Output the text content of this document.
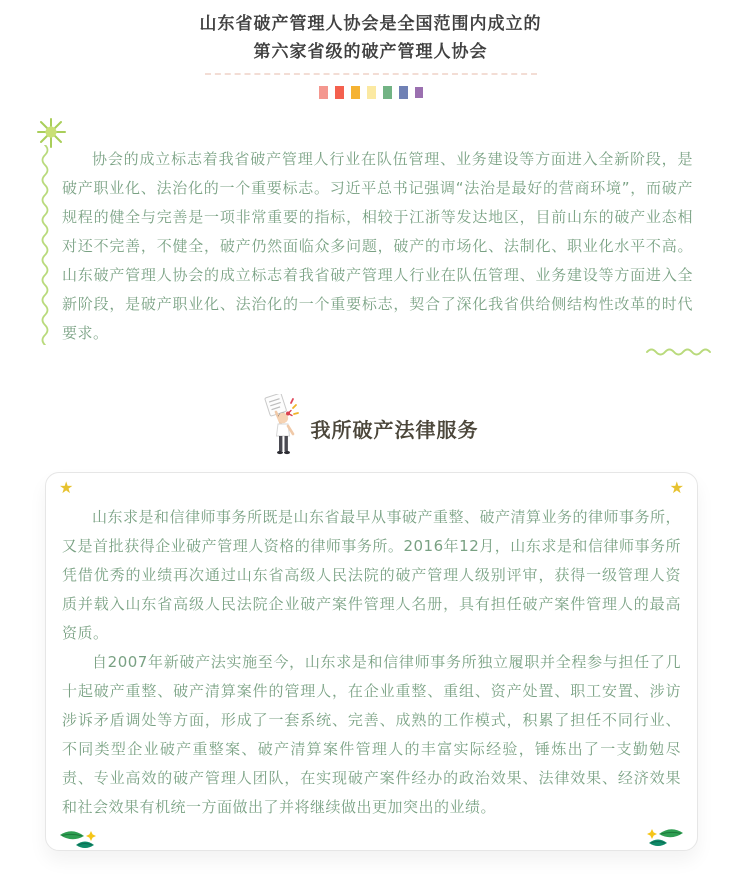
山东省破产管理人协会是全国范围内成立的
第六家省级的破产管理人协会

协会的成立标志着我省破产管理人行业在队伍管理、业务建设等方面进入全新阶段，是破产职业化、法治化的一个重要标志。习近平总书记强调“法治是最好的营商环境”，而破产规程的健全与完善是一项非常重要的指标，相较于江浙等发达地区，目前山东的破产业态相对还不完善，不健全，破产仍然面临众多问题，破产的市场化、法制化、职业化水平不高。山东破产管理人协会的成立标志着我省破产管理人行业在队伍管理、业务建设等方面进入全新阶段，是破产职业化、法治化的一个重要标志，契合了深化我省供给侧结构性改革的时代要求。

我所破产法律服务
★	★

山东求是和信律师事务所既是山东省最早从事破产重整、破产清算业务的律师事务所，又是首批获得企业破产管理人资格的律师事务所。2016年12月，山东求是和信律师事务所凭借优秀的业绩再次通过山东省高级人民法院的破产管理人级别评审，获得一级管理人资质并载入山东省高级人民法院企业破产案件管理人名册，具有担任破产案件管理人的最高资质。

自2007年新破产法实施至今，山东求是和信律师事务所独立履职并全程参与担任了几十起破产重整、破产清算案件的管理人，在企业重整、重组、资产处置、职工安置、涉访涉诉矛盾调处等方面，形成了一套系统、完善、成熟的工作模式，积累了担任不同行业、不同类型企业破产重整案、破产清算案件管理人的丰富实际经验，锤炼出了一支勤勉尽责、专业高效的破产管理人团队，在实现破产案件经办的政治效果、法律效果、经济效果和社会效果有机统一方面做出了并将继续做出更加突出的业绩。
